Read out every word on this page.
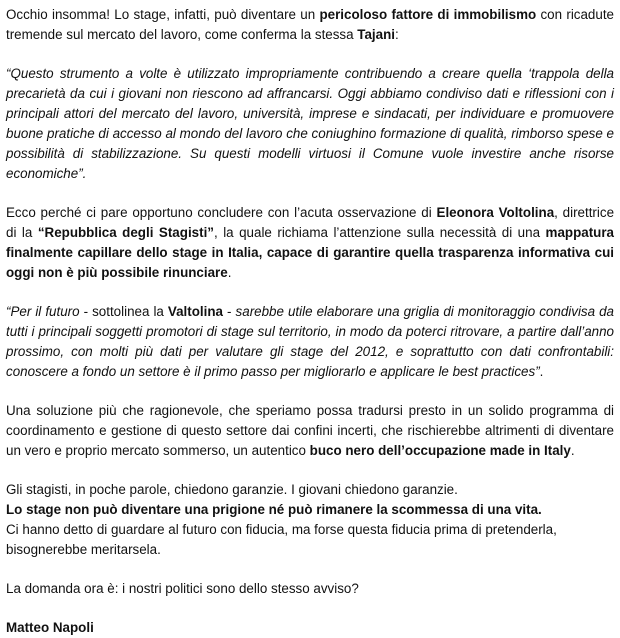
Occhio insomma! Lo stage, infatti, può diventare un pericoloso fattore di immobilismo con ricadute tremende sul mercato del lavoro, come conferma la stessa Tajani:

“Questo strumento a volte è utilizzato impropriamente contribuendo a creare quella ‘trappola della precarietà da cui i giovani non riescono ad affrancarsi. Oggi abbiamo condiviso dati e riflessioni con i principali attori del mercato del lavoro, università, imprese e sindacati, per individuare e promuovere buone pratiche di accesso al mondo del lavoro che coniughino formazione di qualità, rimborso spese e possibilità di stabilizzazione. Su questi modelli virtuosi il Comune vuole investire anche risorse economiche”.

Ecco perché ci pare opportuno concludere con l’acuta osservazione di Eleonora Voltolina, direttrice di la “Repubblica degli Stagisti”, la quale richiama l’attenzione sulla necessità di una mappatura finalmente capillare dello stage in Italia, capace di garantire quella trasparenza informativa cui oggi non è più possibile rinunciare.

“Per il futuro - sottolinea la Valtolina - sarebbe utile elaborare una griglia di monitoraggio condivisa da tutti i principali soggetti promotori di stage sul territorio, in modo da poterci ritrovare, a partire dall’anno prossimo, con molti più dati per valutare gli stage del 2012, e soprattutto con dati confrontabili: conoscere a fondo un settore è il primo passo per migliorarlo e applicare le best practices”.

Una soluzione più che ragionevole, che speriamo possa tradursi presto in un solido programma di coordinamento e gestione di questo settore dai confini incerti, che rischierebbe altrimenti di diventare un vero e proprio mercato sommerso, un autentico buco nero dell’occupazione made in Italy.

Gli stagisti, in poche parole, chiedono garanzie. I giovani chiedono garanzie.
Lo stage non può diventare una prigione né può rimanere la scommessa di una vita.
Ci hanno detto di guardare al futuro con fiducia, ma forse questa fiducia prima di pretenderla, bisognerebbe meritarsela.

La domanda ora è: i nostri politici sono dello stesso avviso?

Matteo Napoli
